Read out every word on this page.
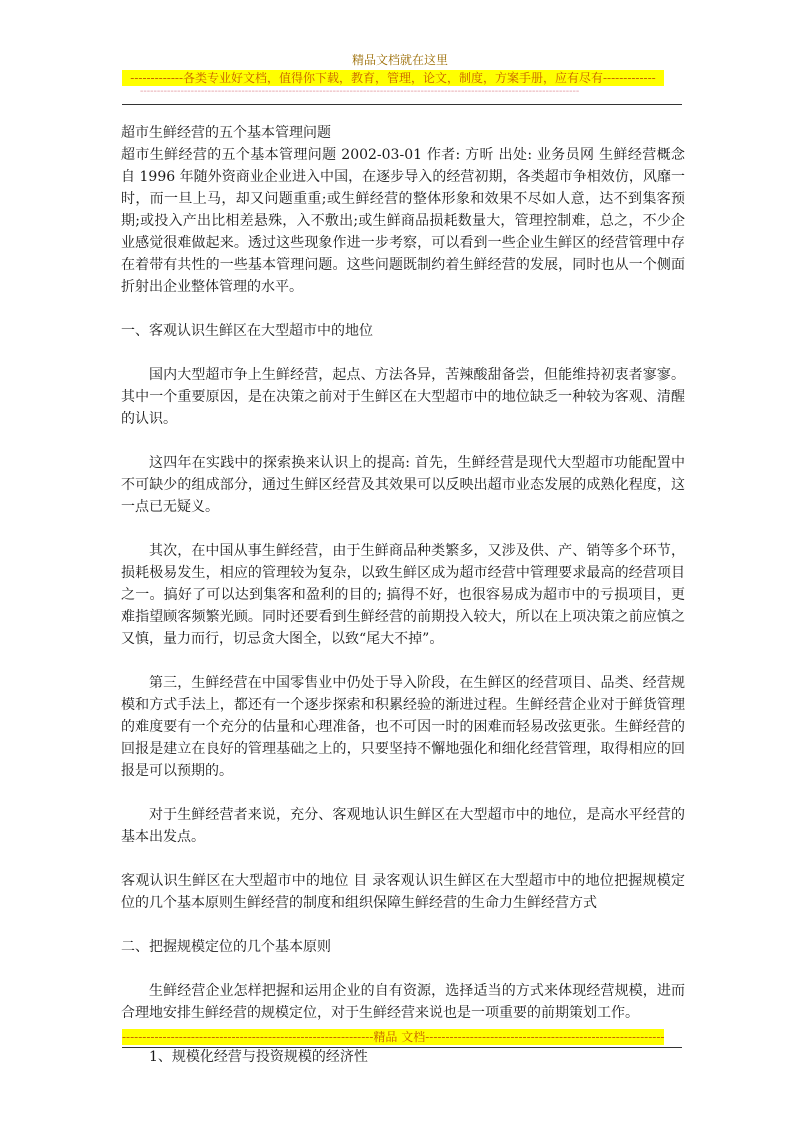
精品文档就在这里
-------------各类专业好文档，值得你下载，教育，管理，论文，制度，方案手册，应有尽有-------------
----------------------------------------------------------------------------------------------------------------------------------

超市生鲜经营的五个基本管理问题

超市生鲜经营的五个基本管理问题 2002-03-01 作者: 方昕 出处: 业务员网 生鲜经营概念自 1996 年随外资商业企业进入中国，在逐步导入的经营初期，各类超市争相效仿，风靡一时，而一旦上马，却又问题重重;或生鲜经营的整体形象和效果不尽如人意，达不到集客预期;或投入产出比相差悬殊，入不敷出;或生鲜商品损耗数量大，管理控制难，总之，不少企业感觉很难做起来。透过这些现象作进一步考察，可以看到一些企业生鲜区的经营管理中存在着带有共性的一些基本管理问题。这些问题既制约着生鲜经营的发展，同时也从一个侧面折射出企业整体管理的水平。

一、客观认识生鲜区在大型超市中的地位

国内大型超市争上生鲜经营，起点、方法各异，苦辣酸甜备尝，但能维持初衷者寥寥。其中一个重要原因，是在决策之前对于生鲜区在大型超市中的地位缺乏一种较为客观、清醒的认识。

这四年在实践中的探索换来认识上的提高: 首先，生鲜经营是现代大型超市功能配置中不可缺少的组成部分，通过生鲜区经营及其效果可以反映出超市业态发展的成熟化程度，这一点已无疑义。

其次，在中国从事生鲜经营，由于生鲜商品种类繁多，又涉及供、产、销等多个环节，损耗极易发生，相应的管理较为复杂，以致生鲜区成为超市经营中管理要求最高的经营项目之一。搞好了可以达到集客和盈利的目的; 搞得不好，也很容易成为超市中的亏损项目，更难指望顾客频繁光顾。同时还要看到生鲜经营的前期投入较大，所以在上项决策之前应慎之又慎，量力而行，切忌贪大图全，以致“尾大不掉”。

第三，生鲜经营在中国零售业中仍处于导入阶段，在生鲜区的经营项目、品类、经营规模和方式手法上，都还有一个逐步探索和积累经验的渐进过程。生鲜经营企业对于鲜货管理的难度要有一个充分的估量和心理准备，也不可因一时的困难而轻易改弦更张。生鲜经营的回报是建立在良好的管理基础之上的，只要坚持不懈地强化和细化经营管理，取得相应的回报是可以预期的。

对于生鲜经营者来说，充分、客观地认识生鲜区在大型超市中的地位，是高水平经营的基本出发点。

客观认识生鲜区在大型超市中的地位 目 录客观认识生鲜区在大型超市中的地位把握规模定位的几个基本原则生鲜经营的制度和组织保障生鲜经营的生命力生鲜经营方式

二、把握规模定位的几个基本原则

生鲜经营企业怎样把握和运用企业的自有资源，选择适当的方式来体现经营规模，进而合理地安排生鲜经营的规模定位，对于生鲜经营来说也是一项重要的前期策划工作。

1、规模化经营与投资规模的经济性

--------------------------------------------------------------精品 文档-----------------------------------------------------------
